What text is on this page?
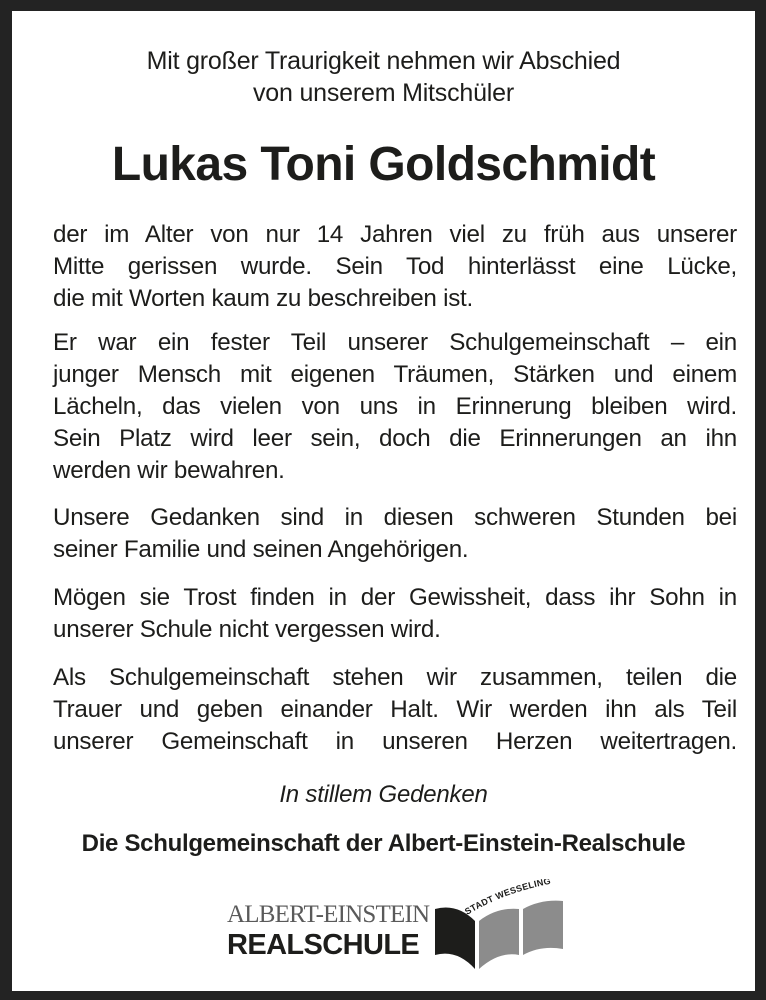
Mit großer Traurigkeit nehmen wir Abschied
von unserem Mitschüler
Lukas Toni Goldschmidt
der im Alter von nur 14 Jahren viel zu früh aus unserer
Mitte gerissen wurde. Sein Tod hinterlässt eine Lücke,
die mit Worten kaum zu beschreiben ist.
Er war ein fester Teil unserer Schulgemeinschaft – ein
junger Mensch mit eigenen Träumen, Stärken und einem
Lächeln, das vielen von uns in Erinnerung bleiben wird.
Sein Platz wird leer sein, doch die Erinnerungen an ihn
werden wir bewahren.
Unsere Gedanken sind in diesen schweren Stunden bei
seiner Familie und seinen Angehörigen.
Mögen sie Trost finden in der Gewissheit, dass ihr Sohn in
unserer Schule nicht vergessen wird.
Als Schulgemeinschaft stehen wir zusammen, teilen die
Trauer und geben einander Halt. Wir werden ihn als Teil
unserer Gemeinschaft in unseren Herzen weitertragen.
In stillem Gedenken
Die Schulgemeinschaft der Albert-Einstein-Realschule
ALBERT-EINSTEIN
REALSCHULE
STADT WESSELING
